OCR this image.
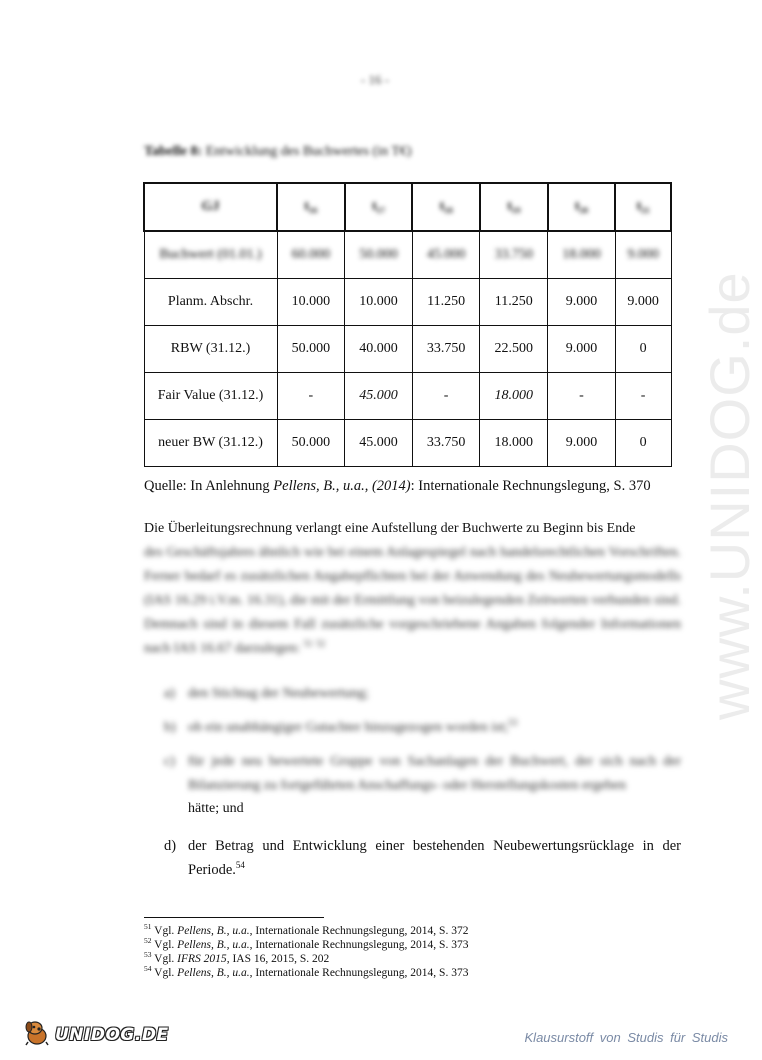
- 16 -
Tabelle 8: Entwicklung des Buchwertes (in T€)
GJ	t₁₆	t₁₇	t₁₈	t₁₉	t₂₀	t₂₁
Buchwert (01.01.)	60.000	50.000	45.000	33.750	18.000	9.000
Planm. Abschr.	10.000	10.000	11.250	11.250	9.000	9.000
RBW (31.12.)	50.000	40.000	33.750	22.500	9.000	0
Fair Value (31.12.)	-	45.000	-	18.000	-	-
neuer BW (31.12.)	50.000	45.000	33.750	18.000	9.000	0
Quelle: In Anlehnung Pellens, B., u.a., (2014): Internationale Rechnungslegung, S. 370
Die Überleitungsrechnung verlangt eine Aufstellung der Buchwerte zu Beginn bis Ende
des Geschäftsjahres ähnlich wie bei einem Anlagespiegel nach handelsrechtlichen Vorschriften. Ferner bedarf es zusätzlichen Angabepflichten bei der Anwendung des Neubewertungsmodells (IAS 16.29 i.V.m. 16.31), die mit der Ermittlung von beizulegenden Zeitwerten verbunden sind. Demnach sind in diesem Fall zusätzliche vorgeschriebene Angaben folgender Informationen nach IAS 16.67 darzulegen: $^{51}$ $^{52}$
a) den Stichtag der Neubewertung;
b) ob ein unabhängiger Gutachter hinzugezogen worden ist;$^{53}$
c) für jede neu bewertete Gruppe von Sachanlagen der Buchwert, der sich nach der Bilanzierung zu fortgeführten Anschaffungs- oder Herstellungskosten ergeben
hätte; und
d) der Betrag und Entwicklung einer bestehenden Neubewertungsrücklage in der Periode.$^{54}$
$^{51}$ Vgl. Pellens, B., u.a., Internationale Rechnungslegung, 2014, S. 372
$^{52}$ Vgl. Pellens, B., u.a., Internationale Rechnungslegung, 2014, S. 373
$^{53}$ Vgl. IFRS 2015, IAS 16, 2015, S. 202
$^{54}$ Vgl. Pellens, B., u.a., Internationale Rechnungslegung, 2014, S. 373
www.UNIDOG.de
UNIDOG.DE	Klausurstoff von Studis für Studis
